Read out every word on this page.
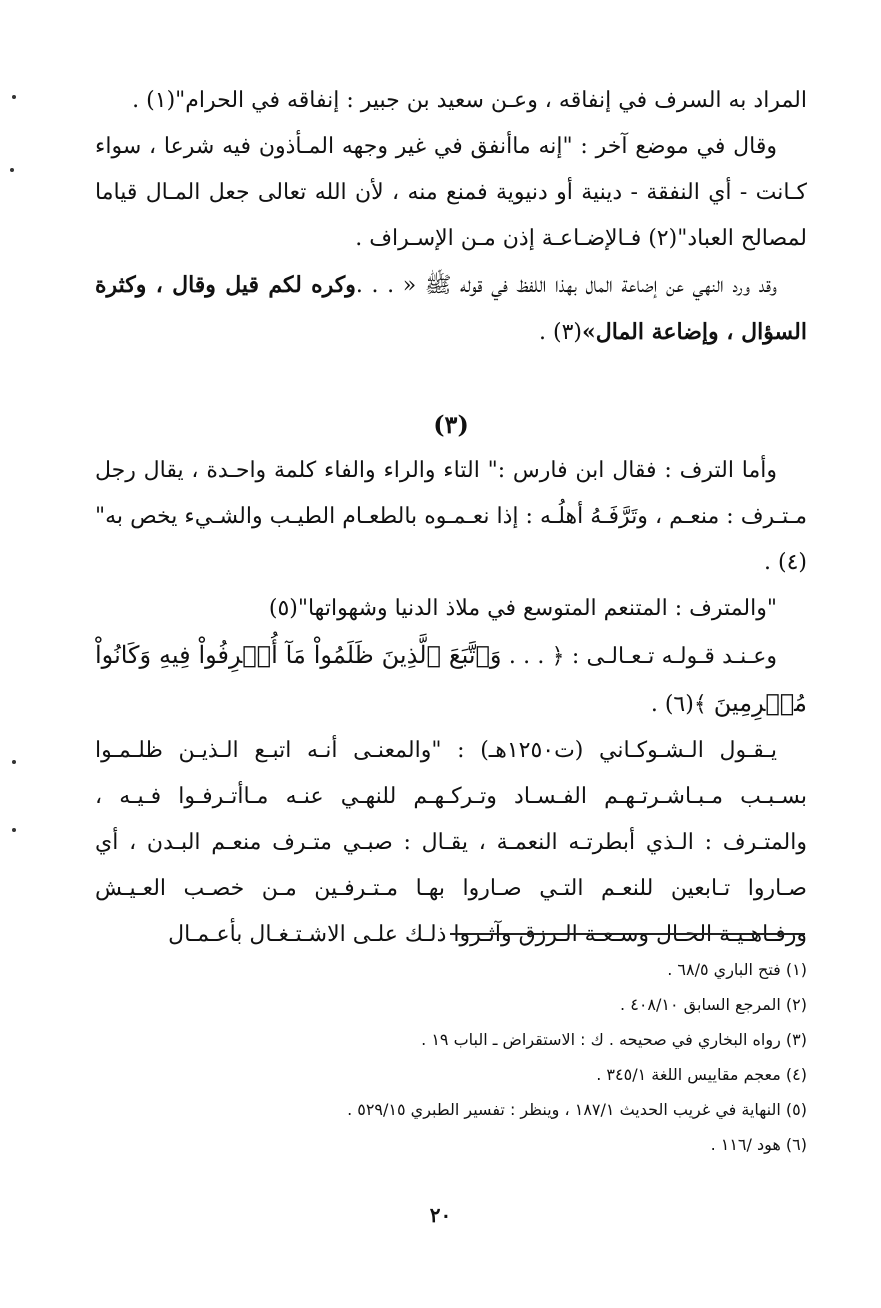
المراد به السرف في إنفاقه ، وعـن سعيد بن جبير : إنفاقه في الحرام"(١) .

وقال في موضع آخر : "إنه ماأنفق في غير وجهه المـأذون فيه شرعا ، سواء كـانت - أي النفقة - دينية أو دنيوية فمنع منه ، لأن الله تعالى جعل المـال قياما لمصالح العباد"(٢) فـالإضـاعـة إذن مـن الإسـراف .

وقد ورد النهي عن إضاعة المال بهذا اللفظ في قوله ﷺ « . . .وكره لكم قيل وقال ، وكثرة السؤال ، وإضاعة المال»(٣) .

(٣)

وأما الترف : فقال ابن فارس :" التاء والراء والفاء كلمة واحـدة ، يقال رجل مـتـرف : منعـم ، وتَرَّفَـهُ أهلُـه : إذا نعـمـوه بالطعـام الطيـب والشـيء يخص به"(٤) .

"والمترف : المتنعم المتوسع في ملاذ الدنيا وشهواتها"(٥)

وعـنـد قـولـه تـعـالـى : ﴿ . . . وَٱتَّبَعَ ٱلَّذِينَ ظَلَمُواْ مَآ أُتۡرِفُواْ فِيهِ وَكَانُواْ مُجۡرِمِينَ ﴾(٦) .

يـقـول الـشـوكـاني (ت١٢٥٠هـ) : "والمعنـى أنـه اتبـع الـذيـن ظلـمـوا بسـبـب مـبـاشـرتـهـم الفـسـاد وتـركـهـم للنهـي عنـه مـاأتـرفـوا فـيـه ، والمتـرف : الـذي أبطرتـه النعمـة ، يقـال : صبـي متـرف منعـم البـدن ، أي صـاروا تـابعين للنعـم التـي صـاروا بهـا مـتـرفـين مـن خصـب العـيـش ورفـاهـيـة الحـال وسـعـة الـرزق وآثـروا ذلـك علـى الاشـتـغـال بأعـمـال

(١) فتح الباري ٦٨/٥ .

(٢) المرجع السابق ٤٠٨/١٠ .

(٣) رواه البخاري في صحيحه . ك : الاستقراض ـ الباب ١٩ .

(٤) معجم مقاييس اللغة ٣٤٥/١ .

(٥) النهاية في غريب الحديث ١٨٧/١ ، وينظر : تفسير الطبري ٥٢٩/١٥ .

(٦) هود /١١٦ .

٢٠
